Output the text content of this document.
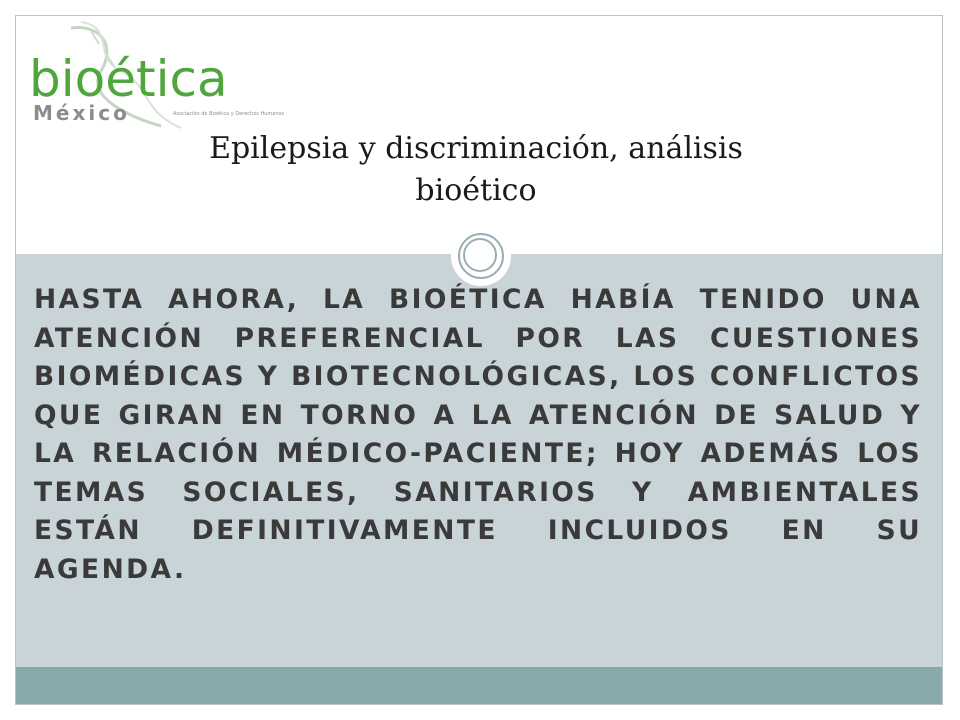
bioética
México	Asociación de Bioética y Derechos Humanos
Epilepsia y discriminación, análisis bioético
HASTA AHORA, LA BIOÉTICA HABÍA TENIDO UNA ATENCIÓN PREFERENCIAL POR LAS CUESTIONES BIOMÉDICAS Y BIOTECNOLÓGICAS, LOS CONFLICTOS QUE GIRAN EN TORNO A LA ATENCIÓN DE SALUD Y LA RELACIÓN MÉDICO-PACIENTE; HOY ADEMÁS LOS TEMAS SOCIALES, SANITARIOS Y AMBIENTALES ESTÁN DEFINITIVAMENTE INCLUIDOS EN SU AGENDA.
